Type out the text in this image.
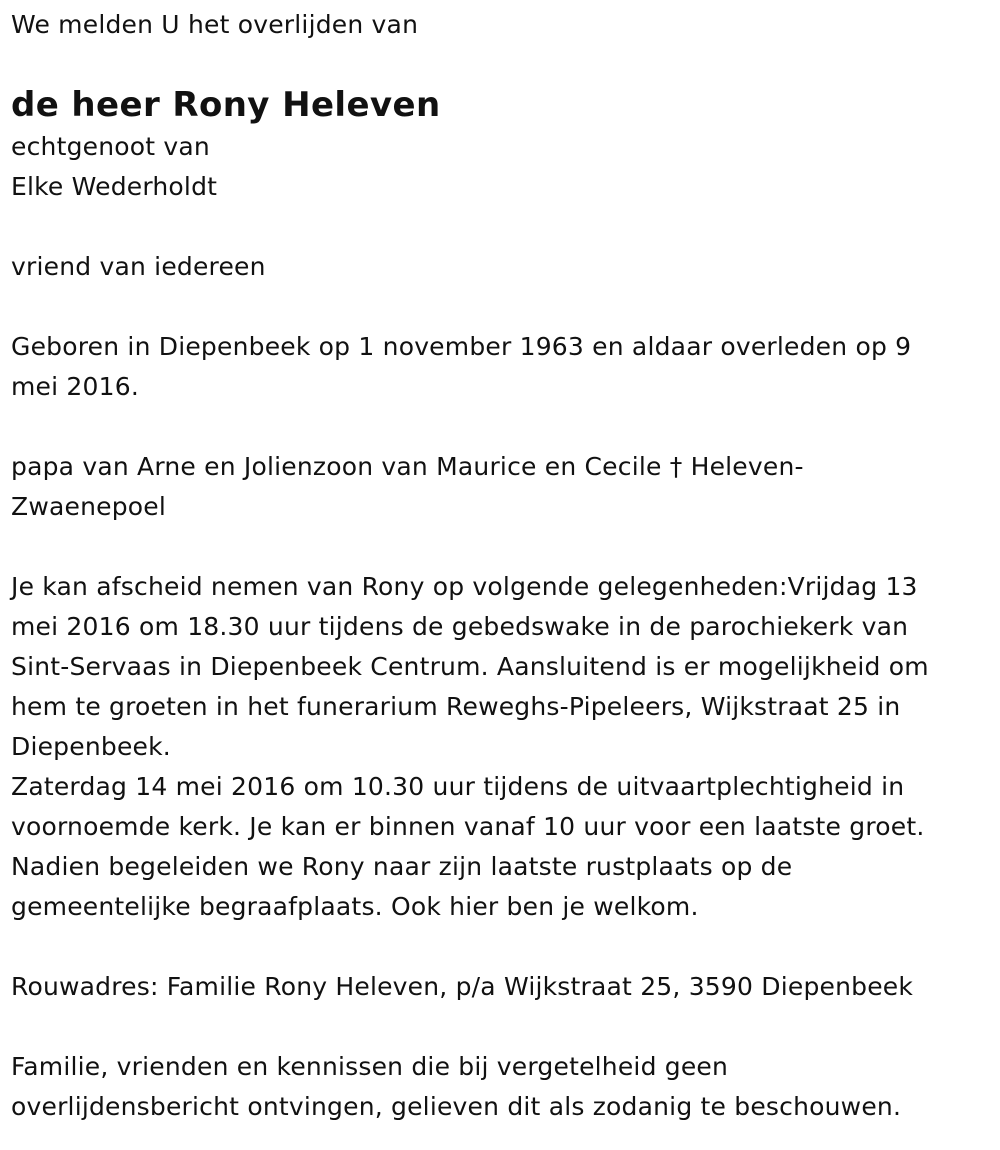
We melden U het overlijden van
de heer Rony Heleven
echtgenoot van
Elke Wederholdt
vriend van iedereen
Geboren in Diepenbeek op 1 november 1963 en aldaar overleden op 9
mei 2016.
papa van Arne en Jolienzoon van Maurice en Cecile † Heleven-
Zwaenepoel
Je kan afscheid nemen van Rony op volgende gelegenheden:Vrijdag 13
mei 2016 om 18.30 uur tijdens de gebedswake in de parochiekerk van
Sint-Servaas in Diepenbeek Centrum. Aansluitend is er mogelijkheid om
hem te groeten in het funerarium Reweghs-Pipeleers, Wijkstraat 25 in
Diepenbeek.
Zaterdag 14 mei 2016 om 10.30 uur tijdens de uitvaartplechtigheid in
voornoemde kerk. Je kan er binnen vanaf 10 uur voor een laatste groet.
Nadien begeleiden we Rony naar zijn laatste rustplaats op de
gemeentelijke begraafplaats. Ook hier ben je welkom.
Rouwadres: Familie Rony Heleven, p/a Wijkstraat 25, 3590 Diepenbeek
Familie, vrienden en kennissen die bij vergetelheid geen
overlijdensbericht ontvingen, gelieven dit als zodanig te beschouwen.
